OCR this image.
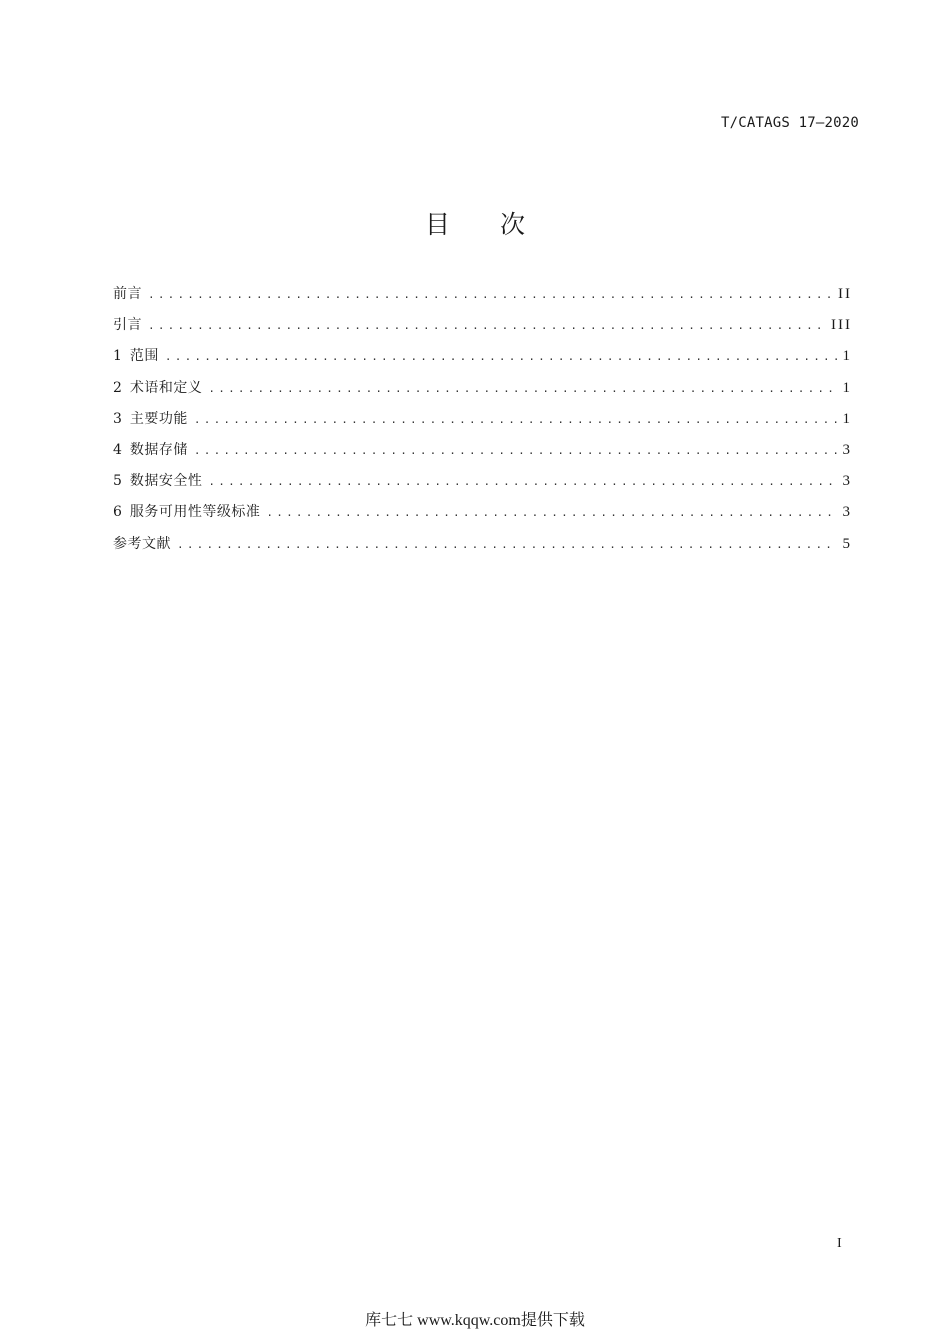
T/CATAGS 17—2020
目 次
前言 .....	II
引言 .....	III
1 范围 .....	1
2 术语和定义 .....	1
3 主要功能 .....	1
4 数据存储 .....	3
5 数据安全性 .....	3
6 服务可用性等级标准 .....	3
参考文献 .....	5
I
库七七 www.kqqw.com提供下载
